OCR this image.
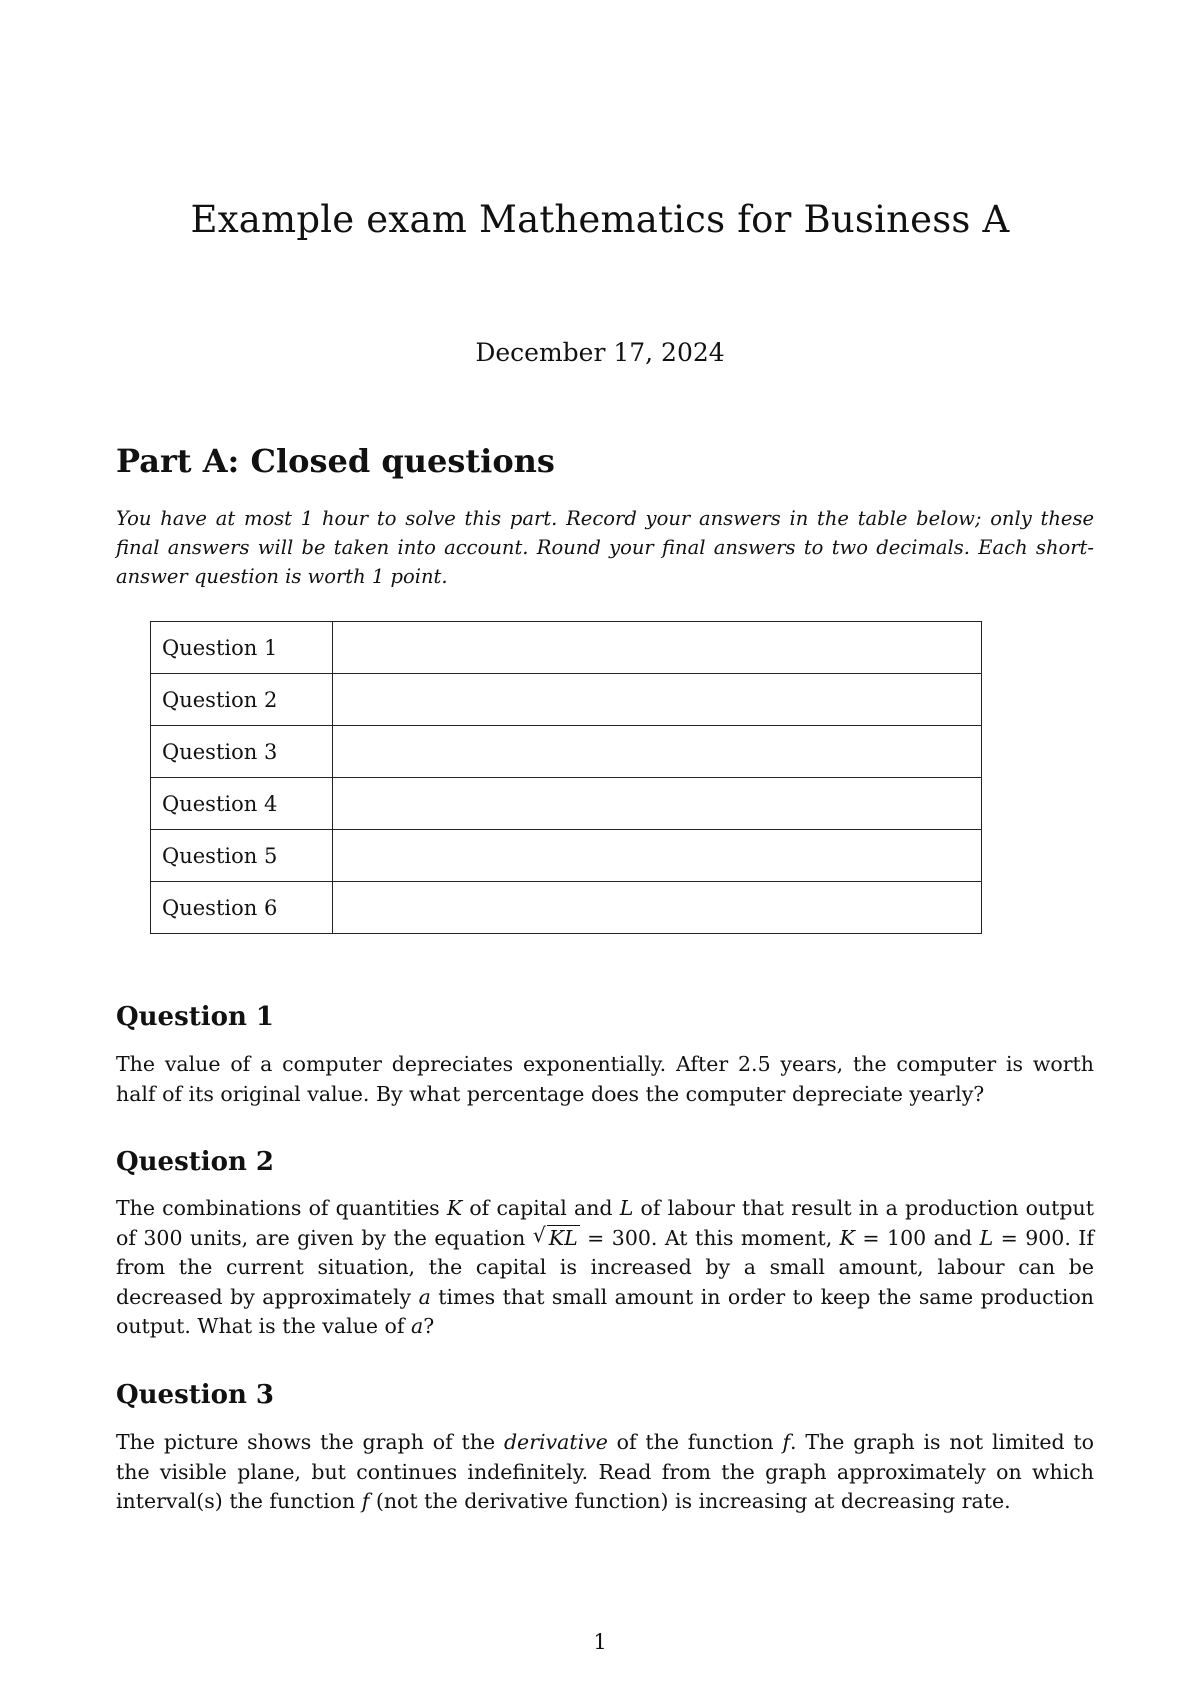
Example exam Mathematics for Business A
December 17, 2024
Part A: Closed questions
You have at most 1 hour to solve this part. Record your answers in the table below; only these final answers will be taken into account. Round your final answers to two decimals. Each short-answer question is worth 1 point.
Question 1	
Question 2	
Question 3	
Question 4	
Question 5	
Question 6	
Question 1
The value of a computer depreciates exponentially. After 2.5 years, the computer is worth half of its original value. By what percentage does the computer depreciate yearly?
Question 2
The combinations of quantities K of capital and L of labour that result in a production output of 300 units, are given by the equation √ KL = 300. At this moment, K = 100 and L = 900. If from the current situation, the capital is increased by a small amount, labour can be decreased by approximately a times that small amount in order to keep the same production output. What is the value of a?
Question 3
The picture shows the graph of the derivative of the function f. The graph is not limited to the visible plane, but continues indefinitely. Read from the graph approximately on which interval(s) the function f (not the derivative function) is increasing at decreasing rate.
1
